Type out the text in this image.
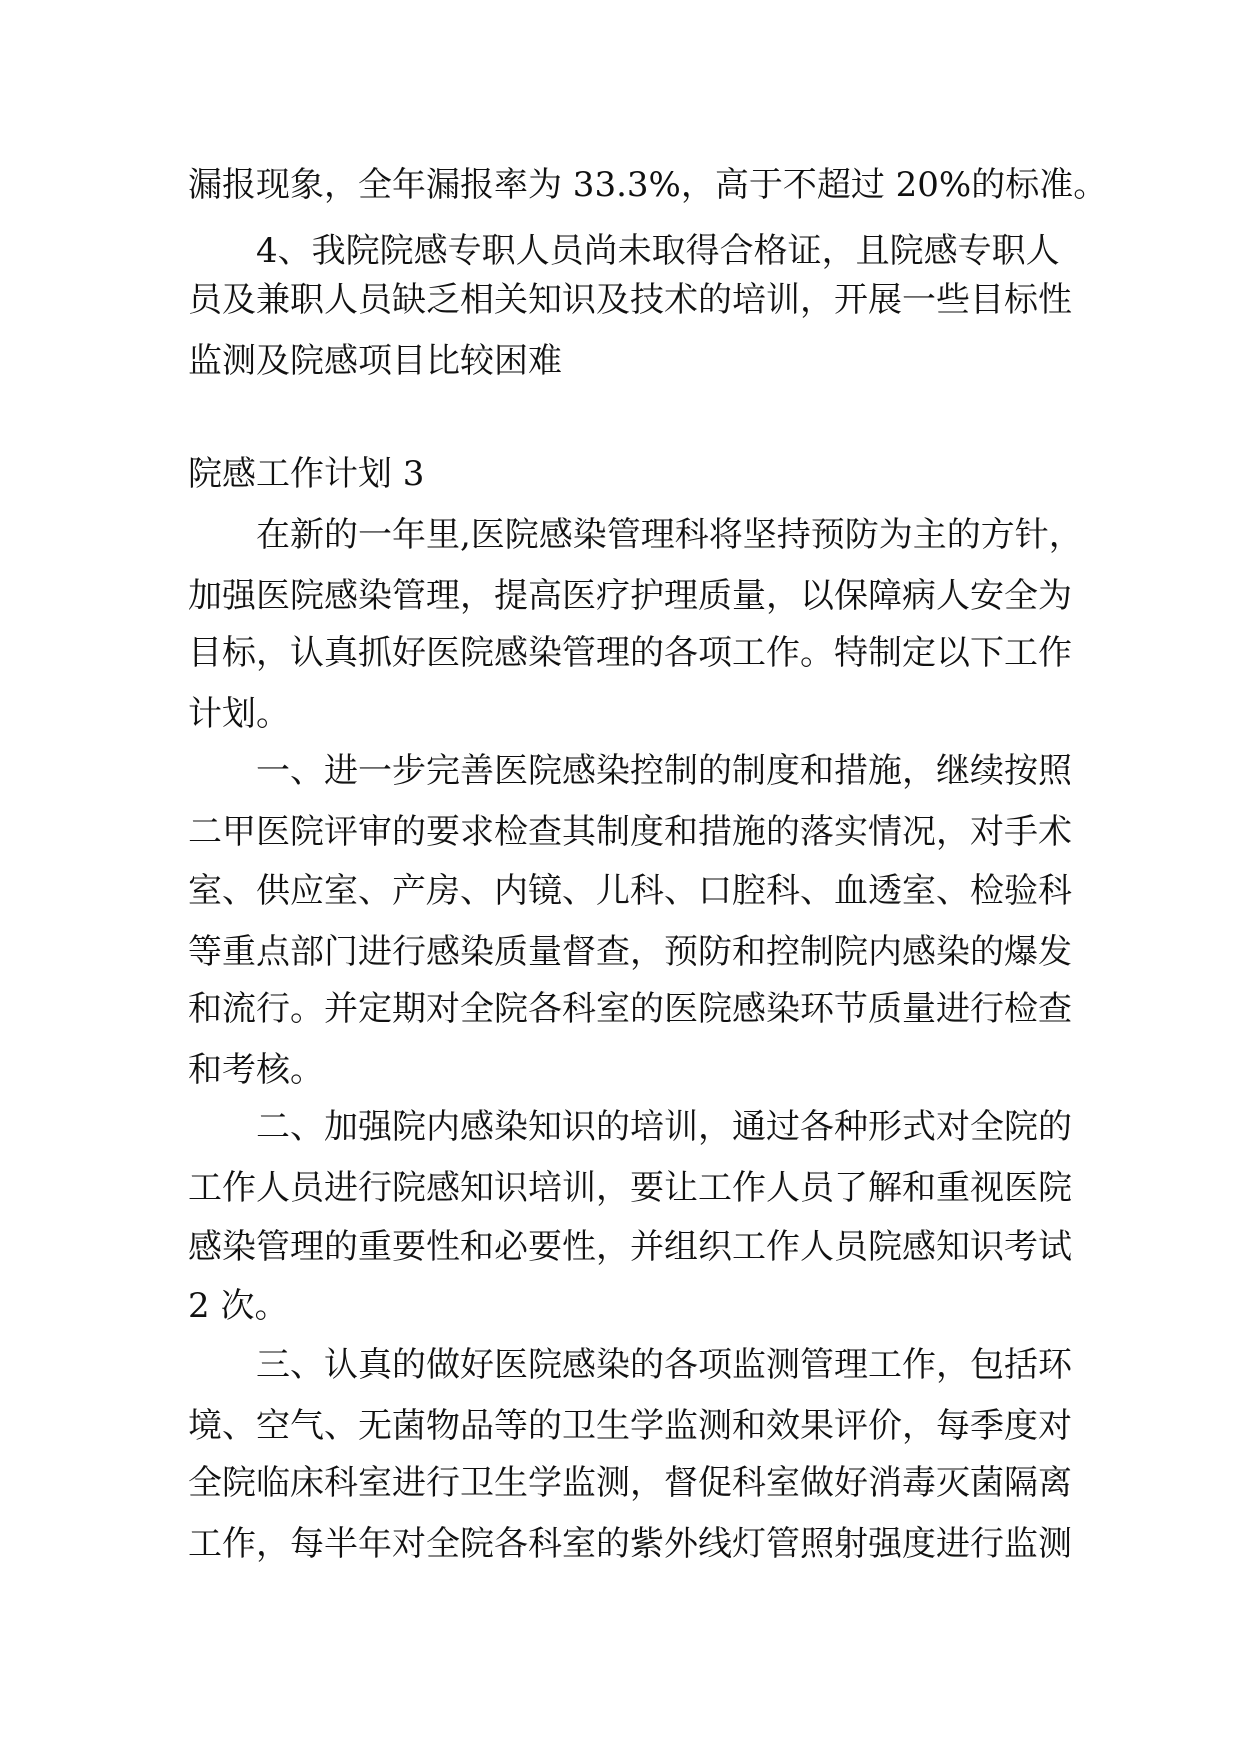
漏报现象，全年漏报率为 33.3%，高于不超过 20%的标准。
4、我院院感专职人员尚未取得合格证，且院感专职人
员及兼职人员缺乏相关知识及技术的培训，开展一些目标性
监测及院感项目比较困难
院感工作计划 3
在新的一年里,医院感染管理科将坚持预防为主的方针，
加强医院感染管理，提高医疗护理质量，以保障病人安全为
目标，认真抓好医院感染管理的各项工作。特制定以下工作
计划。
一、进一步完善医院感染控制的制度和措施，继续按照
二甲医院评审的要求检查其制度和措施的落实情况，对手术
室、供应室、产房、内镜、儿科、口腔科、血透室、检验科
等重点部门进行感染质量督查，预防和控制院内感染的爆发
和流行。并定期对全院各科室的医院感染环节质量进行检查
和考核。
二、加强院内感染知识的培训，通过各种形式对全院的
工作人员进行院感知识培训，要让工作人员了解和重视医院
感染管理的重要性和必要性，并组织工作人员院感知识考试
2 次。
三、认真的做好医院感染的各项监测管理工作，包括环
境、空气、无菌物品等的卫生学监测和效果评价，每季度对
全院临床科室进行卫生学监测，督促科室做好消毒灭菌隔离
工作，每半年对全院各科室的紫外线灯管照射强度进行监测
